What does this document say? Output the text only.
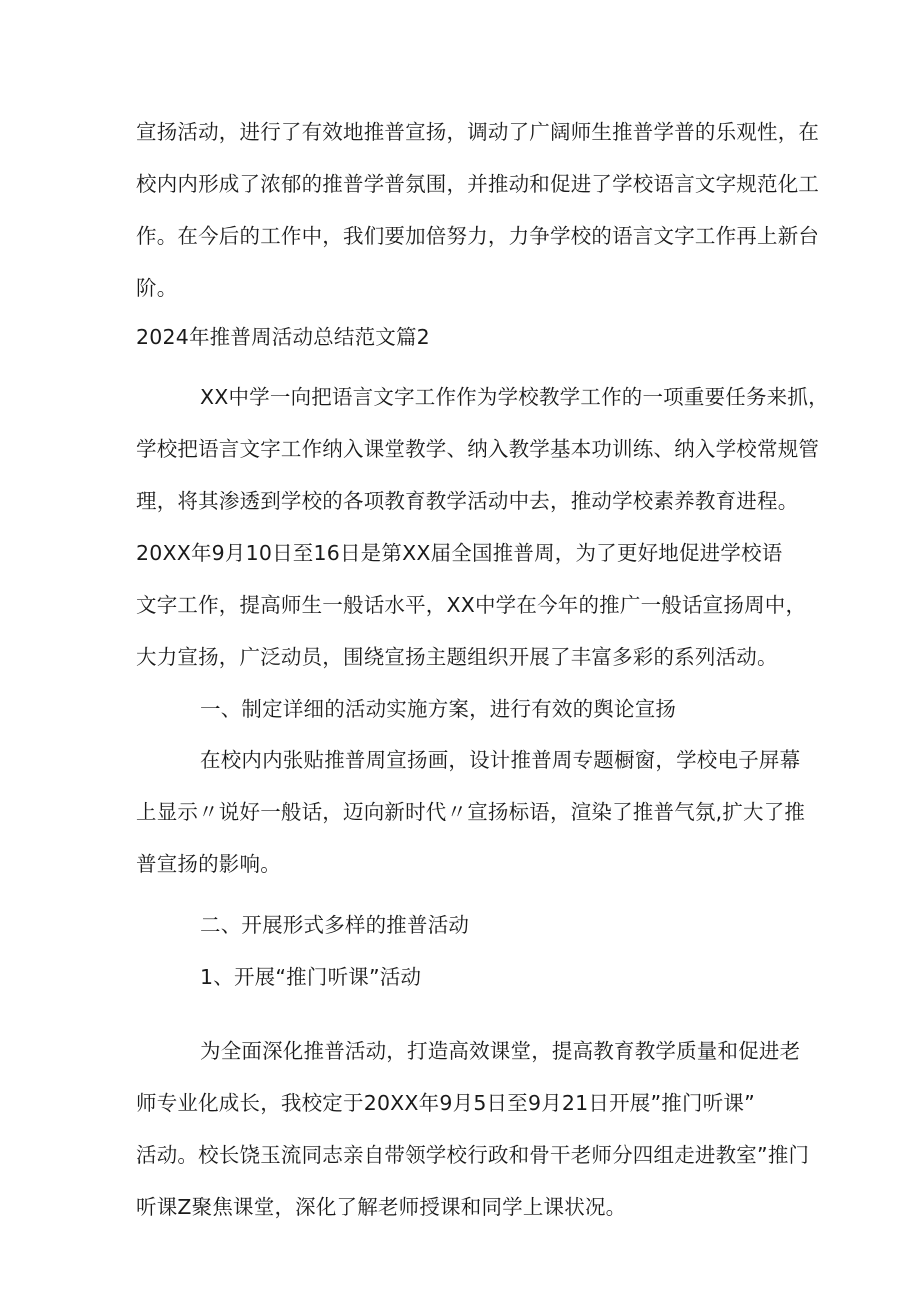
宣扬活动，进行了有效地推普宣扬，调动了广阔师生推普学普的乐观性，在
校内内形成了浓郁的推普学普氛围，并推动和促进了学校语言文字规范化工
作。在今后的工作中，我们要加倍努力，力争学校的语言文字工作再上新台
阶。
2024年推普周活动总结范文篇2
XX中学一向把语言文字工作作为学校教学工作的一项重要任务来抓，
学校把语言文字工作纳入课堂教学、纳入教学基本功训练、纳入学校常规管
理，将其渗透到学校的各项教育教学活动中去，推动学校素养教育进程。
20XX年9月10日至16日是第XX届全国推普周，为了更好地促进学校语
文字工作，提高师生一般话水平，XX中学在今年的推广一般话宣扬周中，
大力宣扬，广泛动员，围绕宣扬主题组织开展了丰富多彩的系列活动。
一、制定详细的活动实施方案，进行有效的舆论宣扬
在校内内张贴推普周宣扬画，设计推普周专题橱窗，学校电子屏幕
上显示〃说好一般话，迈向新时代〃宣扬标语，渲染了推普气氛,扩大了推
普宣扬的影响。
二、开展形式多样的推普活动
1、开展“推门听课”活动
为全面深化推普活动，打造高效课堂，提高教育教学质量和促进老
师专业化成长，我校定于20XX年9月5日至9月21日开展”推门听课”
活动。校长饶玉流同志亲自带领学校行政和骨干老师分四组走进教室”推门
听课Z聚焦课堂，深化了解老师授课和同学上课状况。
